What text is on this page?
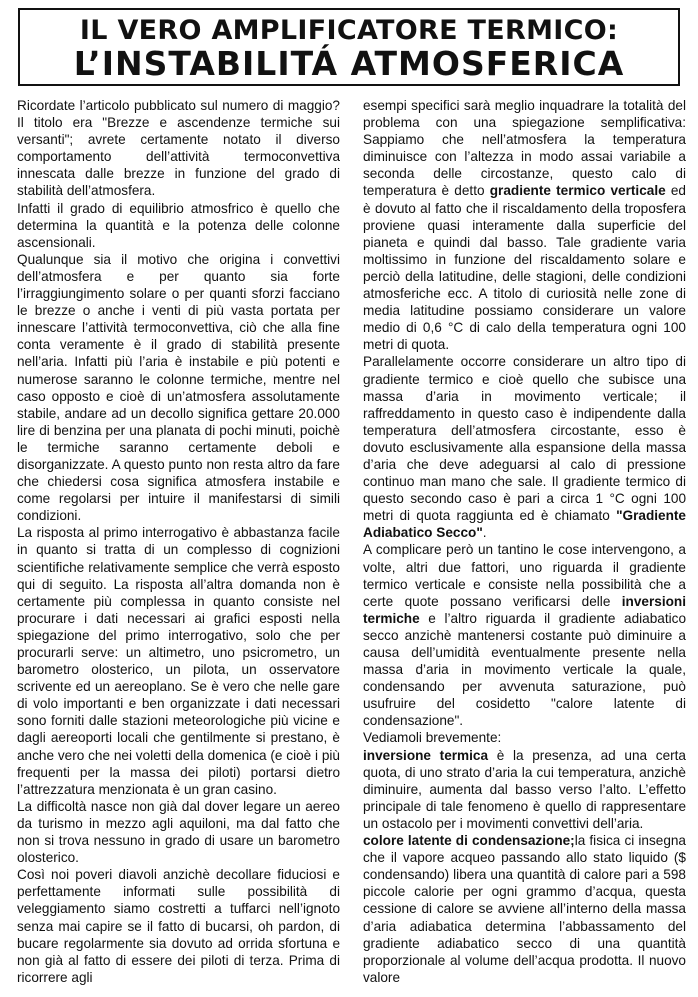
IL VERO AMPLIFICATORE TERMICO:
L’INSTABILITÁ ATMOSFERICA

Ricordate l’articolo pubblicato sul numero di maggio? Il titolo era "Brezze e ascendenze termiche sui versanti"; avrete certamente notato il diverso comportamento dell’attività termoconvettiva innescata dalle brezze in funzione del grado di stabilità dell’atmosfera.

Infatti il grado di equilibrio atmosfrico è quello che determina la quantità e la potenza delle colonne ascensionali.

Qualunque sia il motivo che origina i convettivi dell’atmosfera e per quanto sia forte l’irraggiungimento solare o per quanti sforzi facciano le brezze o anche i venti di più vasta portata per innescare l’attività termoconvettiva, ciò che alla fine conta veramente è il grado di stabilità presente nell’aria. Infatti più l’aria è instabile e più potenti e numerose saranno le colonne termiche, mentre nel caso opposto e cioè di un’atmosfera assolutamente stabile, andare ad un decollo significa gettare 20.000 lire di benzina per una planata di pochi minuti, poichè le termiche saranno certamente deboli e disorganizzate. A questo punto non resta altro da fare che chiedersi cosa significa atmosfera instabile e come regolarsi per intuire il manifestarsi di simili condizioni.

La risposta al primo interrogativo è abbastanza facile in quanto si tratta di un complesso di cognizioni scientifiche relativamente semplice che verrà esposto qui di seguito. La risposta all’altra domanda non è certamente più complessa in quanto consiste nel procurare i dati necessari ai grafici esposti nella spiegazione del primo interrogativo, solo che per procurarli serve: un altimetro, uno psicrometro, un barometro olosterico, un pilota, un osservatore scrivente ed un aereoplano. Se è vero che nelle gare di volo importanti e ben organizzate i dati necessari sono forniti dalle stazioni meteorologiche più vicine e dagli aereoporti locali che gentilmente si prestano, è anche vero che nei voletti della domenica (e cioè i più frequenti per la massa dei piloti) portarsi dietro l’attrezzatura menzionata è un gran casino.

La difficoltà nasce non già dal dover legare un aereo da turismo in mezzo agli aquiloni, ma dal fatto che non si trova nessuno in grado di usare un barometro olosterico.

Così noi poveri diavoli anzichè decollare fiduciosi e perfettamente informati sulle possibilità di veleggiamento siamo costretti a tuffarci nell’ignoto senza mai capire se il fatto di bucarsi, oh pardon, di bucare regolarmente sia dovuto ad orrida sfortuna e non già al fatto di essere dei piloti di terza. Prima di ricorrere agli

esempi specifici sarà meglio inquadrare la totalità del problema con una spiegazione semplificativa: Sappiamo che nell’atmosfera la temperatura diminuisce con l’altezza in modo assai variabile a seconda delle circostanze, questo calo di temperatura è detto gradiente termico verticale ed è dovuto al fatto che il riscaldamento della troposfera proviene quasi interamente dalla superficie del pianeta e quindi dal basso. Tale gradiente varia moltissimo in funzione del riscaldamento solare e perciò della latitudine, delle stagioni, delle condizioni atmosferiche ecc. A titolo di curiosità nelle zone di media latitudine possiamo considerare un valore medio di 0,6 °C di calo della temperatura ogni 100 metri di quota.

Parallelamente occorre considerare un altro tipo di gradiente termico e cioè quello che subisce una massa d’aria in movimento verticale; il raffreddamento in questo caso è indipendente dalla temperatura dell’atmosfera circostante, esso è dovuto esclusivamente alla espansione della massa d’aria che deve adeguarsi al calo di pressione continuo man mano che sale. Il gradiente termico di questo secondo caso è pari a circa 1 °C ogni 100 metri di quota raggiunta ed è chiamato "Gradiente Adiabatico Secco".

A complicare però un tantino le cose intervengono, a volte, altri due fattori, uno riguarda il gradiente termico verticale e consiste nella possibilità che a certe quote possano verificarsi delle inversioni termiche e l’altro riguarda il gradiente adiabatico secco anzichè mantenersi costante può diminuire a causa dell’umidità eventualmente presente nella massa d’aria in movimento verticale la quale, condensando per avvenuta saturazione, può usufruire del cosidetto "calore latente di condensazione".

Vediamoli brevemente:

inversione termica è la presenza, ad una certa quota, di uno strato d’aria la cui temperatura, anzichè diminuire, aumenta dal basso verso l’alto. L’effetto principale di tale fenomeno è quello di rappresentare un ostacolo per i movimenti convettivi dell’aria.

colore latente di condensazione;la fisica ci insegna che il vapore acqueo passando allo stato liquido ($ condensando) libera una quantità di calore pari a 598 piccole calorie per ogni grammo d’acqua, questa cessione di calore se avviene all’interno della massa d’aria adiabatica determina l’abbassamento del gradiente adiabatico secco di una quantità proporzionale al volume dell’acqua prodotta. Il nuovo valore
